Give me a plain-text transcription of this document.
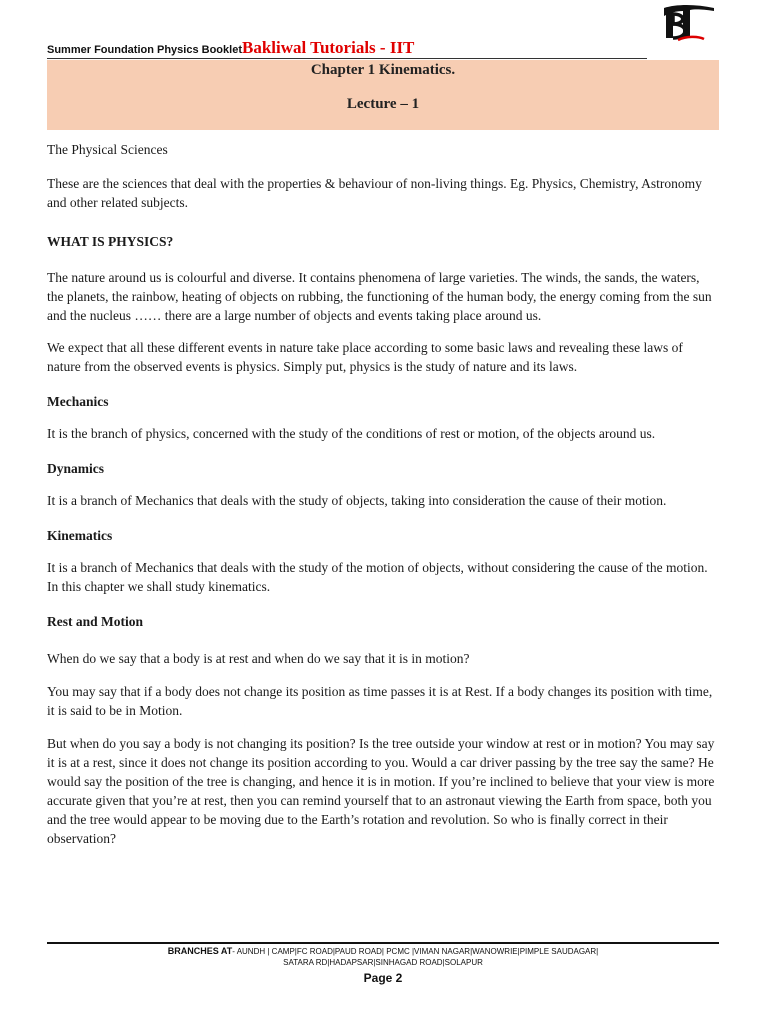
Summer Foundation Physics BookletBakliwal Tutorials - IIT
Chapter 1 Kinematics.
Lecture – 1

The Physical Sciences

These are the sciences that deal with the properties & behaviour of non-living things. Eg. Physics, Chemistry, Astronomy and other related subjects.

WHAT IS PHYSICS?

The nature around us is colourful and diverse. It contains phenomena of large varieties. The winds, the sands, the waters, the planets, the rainbow, heating of objects on rubbing, the functioning of the human body, the energy coming from the sun and the nucleus …… there are a large number of objects and events taking place around us.

We expect that all these different events in nature take place according to some basic laws and revealing these laws of nature from the observed events is physics. Simply put, physics is the study of nature and its laws.

Mechanics

It is the branch of physics, concerned with the study of the conditions of rest or motion, of the objects around us.

Dynamics

It is a branch of Mechanics that deals with the study of objects, taking into consideration the cause of their motion.

Kinematics

It is a branch of Mechanics that deals with the study of the motion of objects, without considering the cause of the motion. In this chapter we shall study kinematics.

Rest and Motion

When do we say that a body is at rest and when do we say that it is in motion?

You may say that if a body does not change its position as time passes it is at Rest. If a body changes its position with time, it is said to be in Motion.

But when do you say a body is not changing its position? Is the tree outside your window at rest or in motion? You may say it is at a rest, since it does not change its position according to you. Would a car driver passing by the tree say the same? He would say the position of the tree is changing, and hence it is in motion. If you’re inclined to believe that your view is more accurate given that you’re at rest, then you can remind yourself that to an astronaut viewing the Earth from space, both you and the tree would appear to be moving due to the Earth’s rotation and revolution. So who is finally correct in their observation?

BRANCHES AT- AUNDH | CAMP|FC ROAD|PAUD ROAD| PCMC |VIMAN NAGAR|WANOWRIE|PIMPLE SAUDAGAR|
SATARA RD|HADAPSAR|SINHAGAD ROAD|SOLAPUR
Page 2
